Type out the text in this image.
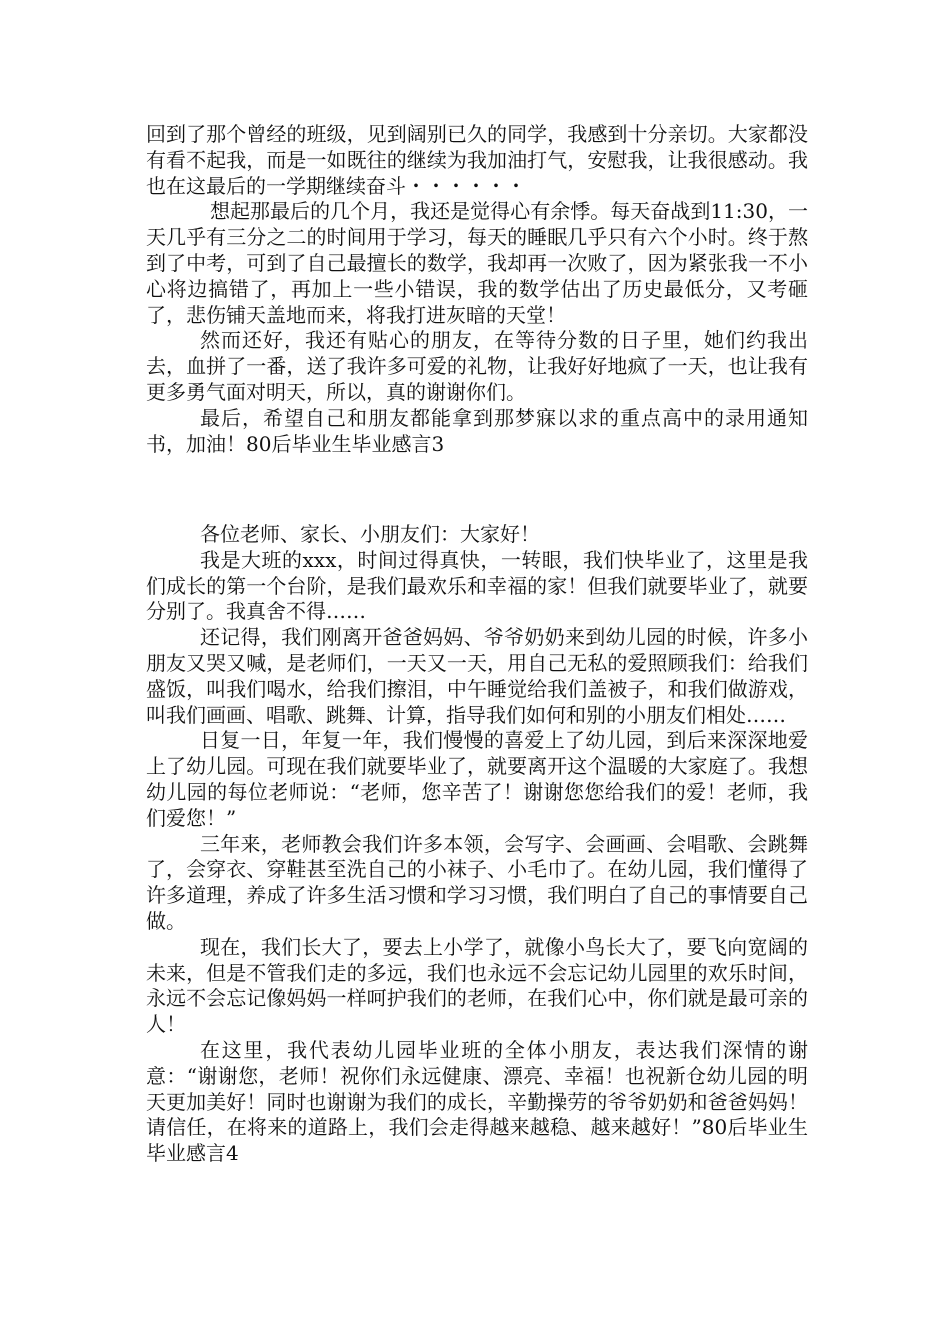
回到了那个曾经的班级，见到阔别已久的同学，我感到十分亲切。大家都没有看不起我，而是一如既往的继续为我加油打气，安慰我，让我很感动。我也在这最后的一学期继续奋斗・・・・・・

想起那最后的几个月，我还是觉得心有余悸。每天奋战到11:30，一天几乎有三分之二的时间用于学习，每天的睡眠几乎只有六个小时。终于熬到了中考，可到了自己最擅长的数学，我却再一次败了，因为紧张我一不小心将边搞错了，再加上一些小错误，我的数学估出了历史最低分，又考砸了，悲伤铺天盖地而来，将我打进灰暗的天堂！

然而还好，我还有贴心的朋友，在等待分数的日子里，她们约我出去，血拼了一番，送了我许多可爱的礼物，让我好好地疯了一天，也让我有更多勇气面对明天，所以，真的谢谢你们。

最后，希望自己和朋友都能拿到那梦寐以求的重点高中的录用通知书，加油！80后毕业生毕业感言3

各位老师、家长、小朋友们：大家好！

我是大班的xxx，时间过得真快，一转眼，我们快毕业了，这里是我们成长的第一个台阶，是我们最欢乐和幸福的家！但我们就要毕业了，就要分别了。我真舍不得……

还记得，我们刚离开爸爸妈妈、爷爷奶奶来到幼儿园的时候，许多小朋友又哭又喊，是老师们，一天又一天，用自己无私的爱照顾我们：给我们盛饭，叫我们喝水，给我们擦泪，中午睡觉给我们盖被子，和我们做游戏，叫我们画画、唱歌、跳舞、计算，指导我们如何和别的小朋友们相处……

日复一日，年复一年，我们慢慢的喜爱上了幼儿园，到后来深深地爱上了幼儿园。可现在我们就要毕业了，就要离开这个温暖的大家庭了。我想幼儿园的每位老师说：“老师，您辛苦了！谢谢您您给我们的爱！老师，我们爱您！”

三年来，老师教会我们许多本领，会写字、会画画、会唱歌、会跳舞了，会穿衣、穿鞋甚至洗自己的小袜子、小毛巾了。在幼儿园，我们懂得了许多道理，养成了许多生活习惯和学习习惯，我们明白了自己的事情要自己做。

现在，我们长大了，要去上小学了，就像小鸟长大了，要飞向宽阔的未来，但是不管我们走的多远，我们也永远不会忘记幼儿园里的欢乐时间，永远不会忘记像妈妈一样呵护我们的老师，在我们心中，你们就是最可亲的人！

在这里，我代表幼儿园毕业班的全体小朋友，表达我们深情的谢意：“谢谢您，老师！祝你们永远健康、漂亮、幸福！也祝新仓幼儿园的明天更加美好！同时也谢谢为我们的成长，辛勤操劳的爷爷奶奶和爸爸妈妈！请信任，在将来的道路上，我们会走得越来越稳、越来越好！”80后毕业生毕业感言4
